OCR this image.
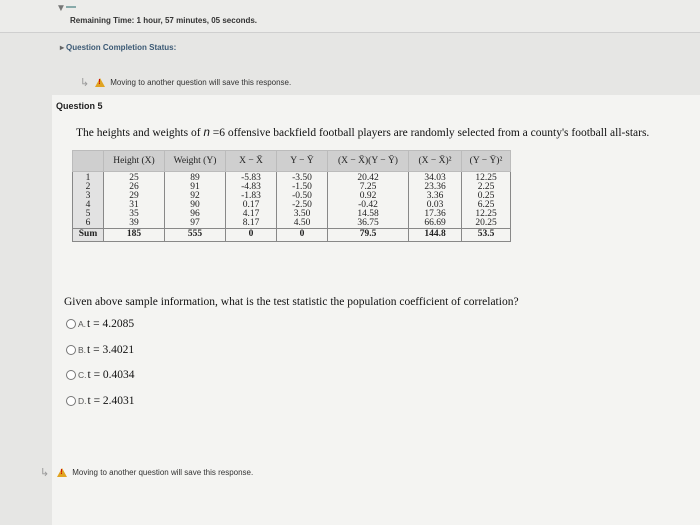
▼
Remaining Time: 1 hour, 57 minutes, 05 seconds.
▸ Question Completion Status:
↳ !	Moving to another question will save this response.
Question 5
The heights and weights of n =6 offensive backfield football players are randomly selected from a county's football all-stars.
	Height (X)	Weight (Y)	X − X̄	Y − Ȳ	(X − X̄)(Y − Ȳ)	(X − X̄)²	(Y − Ȳ)²
1	25	89	-5.83	-3.50	20.42	34.03	12.25
2	26	91	-4.83	-1.50	7.25	23.36	2.25
3	29	92	-1.83	-0.50	0.92	3.36	0.25
4	31	90	0.17	-2.50	-0.42	0.03	6.25
5	35	96	4.17	3.50	14.58	17.36	12.25
6	39	97	8.17	4.50	36.75	66.69	20.25
Sum	185	555	0	0	79.5	144.8	53.5
Given above sample information, what is the test statistic the population coefficient of correlation?
A. t = 4.2085
B. t = 3.4021
C. t = 0.4034
D. t = 2.4031
↳ !	Moving to another question will save this response.
